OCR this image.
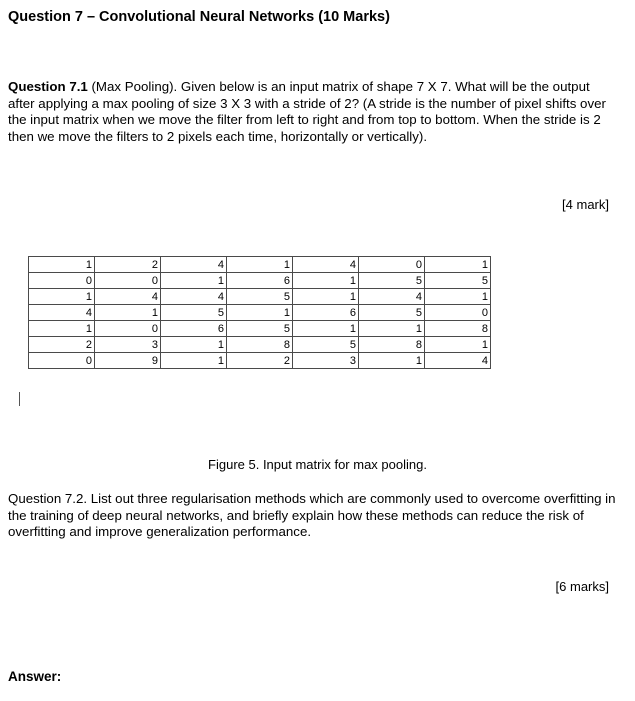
Question 7 – Convolutional Neural Networks (10 Marks)
Question 7.1 (Max Pooling). Given below is an input matrix of shape 7 X 7. What will be the output after applying a max pooling of size 3 X 3 with a stride of 2? (A stride is the number of pixel shifts over the input matrix when we move the filter from left to right and from top to bottom. When the stride is 2 then we move the filters to 2 pixels each time, horizontally or vertically).
[4 mark]
1	2	4	1	4	0	1
0	0	1	6	1	5	5
1	4	4	5	1	4	1
4	1	5	1	6	5	0
1	0	6	5	1	1	8
2	3	1	8	5	8	1
0	9	1	2	3	1	4
Figure 5. Input matrix for max pooling.
Question 7.2. List out three regularisation methods which are commonly used to overcome overfitting in the training of deep neural networks, and briefly explain how these methods can reduce the risk of overfitting and improve generalization performance.
[6 marks]
Answer:
